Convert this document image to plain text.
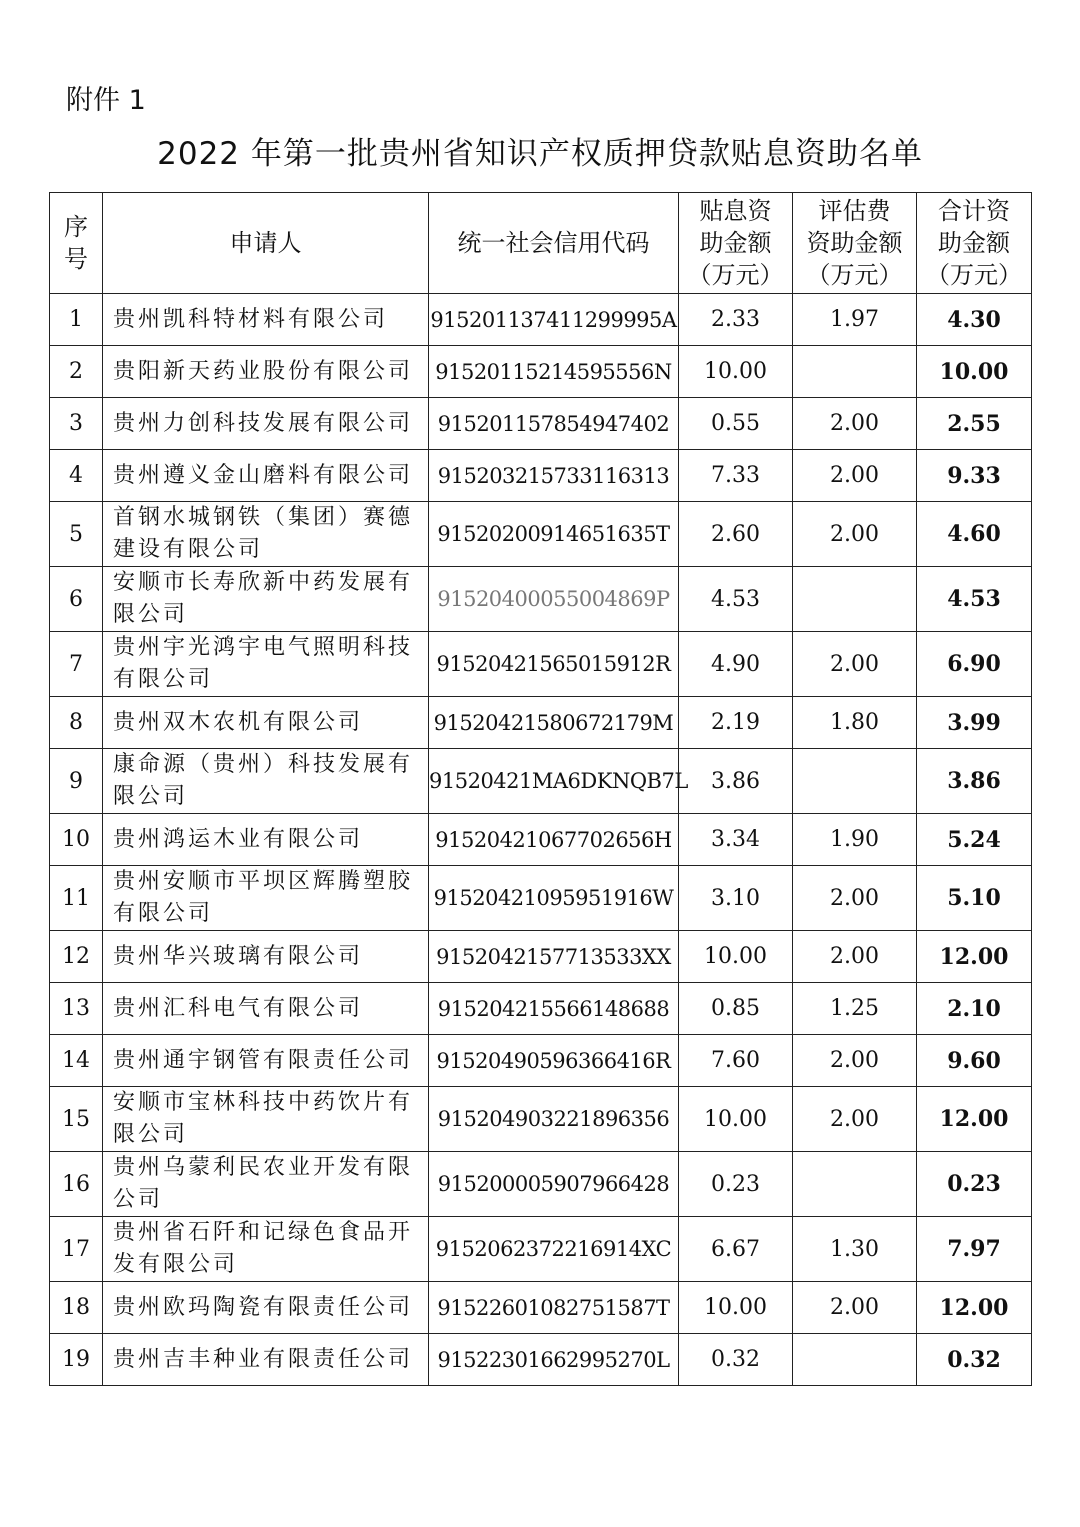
附件 1
2022 年第一批贵州省知识产权质押贷款贴息资助名单
序
号	申请人	统一社会信用代码	贴息资
助金额
（万元）	评估费
资助金额
（万元）	合计资
助金额
（万元）
1	贵州凯科特材料有限公司	915201137411299995A	2.33	1.97	4.30
2	贵阳新天药业股份有限公司	91520115214595556N	10.00		10.00
3	贵州力创科技发展有限公司	915201157854947402	0.55	2.00	2.55
4	贵州遵义金山磨料有限公司	915203215733116313	7.33	2.00	9.33
5	首钢水城钢铁（集团）赛德
建设有限公司	91520200914651635T	2.60	2.00	4.60
6	安顺市长寿欣新中药发展有
限公司	91520400055004869P	4.53		4.53
7	贵州宇光鸿宇电气照明科技
有限公司	91520421565015912R	4.90	2.00	6.90
8	贵州双木农机有限公司	91520421580672179M	2.19	1.80	3.99
9	康命源（贵州）科技发展有
限公司	91520421MA6DKNQB7L	3.86		3.86
10	贵州鸿运木业有限公司	91520421067702656H	3.34	1.90	5.24
11	贵州安顺市平坝区辉腾塑胶
有限公司	91520421095951916W	3.10	2.00	5.10
12	贵州华兴玻璃有限公司	9152042157713533XX	10.00	2.00	12.00
13	贵州汇科电气有限公司	915204215566148688	0.85	1.25	2.10
14	贵州通宇钢管有限责任公司	91520490596366416R	7.60	2.00	9.60
15	安顺市宝林科技中药饮片有
限公司	915204903221896356	10.00	2.00	12.00
16	贵州乌蒙利民农业开发有限
公司	915200005907966428	0.23		0.23
17	贵州省石阡和记绿色食品开
发有限公司	9152062372216914XC	6.67	1.30	7.97
18	贵州欧玛陶瓷有限责任公司	91522601082751587T	10.00	2.00	12.00
19	贵州吉丰种业有限责任公司	91522301662995270L	0.32		0.32
